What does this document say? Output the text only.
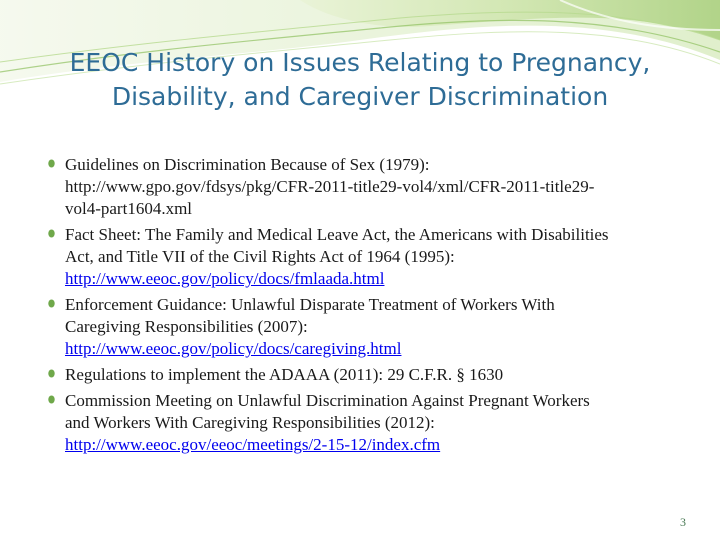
EEOC History on Issues Relating to Pregnancy,
Disability, and Caregiver Discrimination
Guidelines on Discrimination Because of Sex (1979):
http://www.gpo.gov/fdsys/pkg/CFR-2011-title29-vol4/xml/CFR-2011-title29-
vol4-part1604.xml
Fact Sheet: The Family and Medical Leave Act, the Americans with Disabilities
Act, and Title VII of the Civil Rights Act of 1964 (1995):
http://www.eeoc.gov/policy/docs/fmlaada.html
Enforcement Guidance: Unlawful Disparate Treatment of Workers With
Caregiving Responsibilities (2007):
http://www.eeoc.gov/policy/docs/caregiving.html
Regulations to implement the ADAAA (2011): 29 C.F.R. § 1630
Commission Meeting on Unlawful Discrimination Against Pregnant Workers
and Workers With Caregiving Responsibilities (2012):
http://www.eeoc.gov/eeoc/meetings/2-15-12/index.cfm
3
